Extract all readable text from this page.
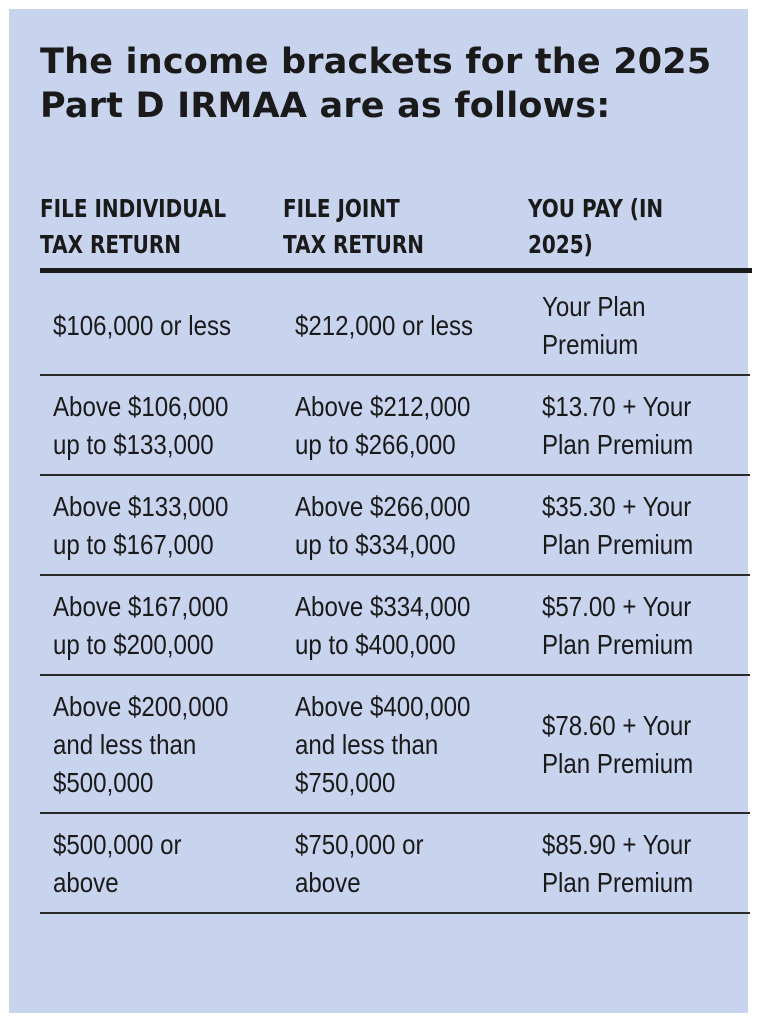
The income brackets for the 2025
Part D IRMAA are as follows:
FILE INDIVIDUAL
TAX RETURN
FILE JOINT
TAX RETURN
YOU PAY (IN
2025)
$106,000 or less $212,000 or less
Your Plan
Premium
Above $106,000
up to $133,000
Above $212,000
up to $266,000
$13.70 + Your
Plan Premium
Above $133,000
up to $167,000
Above $266,000
up to $334,000
$35.30 + Your
Plan Premium
Above $167,000
up to $200,000
Above $334,000
up to $400,000
$57.00 + Your
Plan Premium
Above $200,000
and less than
$500,000
Above $400,000
and less than
$750,000
$78.60 + Your
Plan Premium
$500,000 or
above
$750,000 or
above
$85.90 + Your
Plan Premium
